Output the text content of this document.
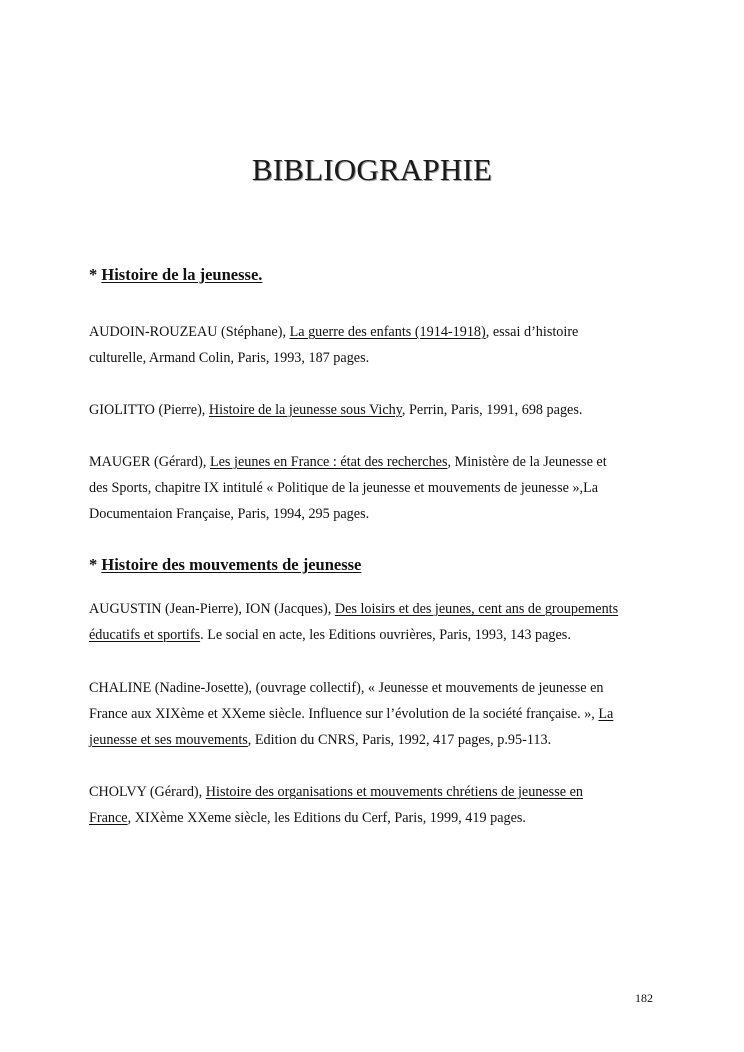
BIBLIOGRAPHIE
* Histoire de la jeunesse.
AUDOIN-ROUZEAU (Stéphane), La guerre des enfants (1914-1918), essai d’histoire
culturelle, Armand Colin, Paris, 1993, 187 pages.
GIOLITTO (Pierre), Histoire de la jeunesse sous Vichy, Perrin, Paris, 1991, 698 pages.
MAUGER (Gérard), Les jeunes en France : état des recherches, Ministère de la Jeunesse et
des Sports, chapitre IX intitulé « Politique de la jeunesse et mouvements de jeunesse »,La
Documentaion Française, Paris, 1994, 295 pages.
* Histoire des mouvements de jeunesse
AUGUSTIN (Jean-Pierre), ION (Jacques), Des loisirs et des jeunes, cent ans de groupements
éducatifs et sportifs. Le social en acte, les Editions ouvrières, Paris, 1993, 143 pages.
CHALINE (Nadine-Josette), (ouvrage collectif), « Jeunesse et mouvements de jeunesse en
France aux XIXème et XXeme siècle. Influence sur l’évolution de la société française. », La
jeunesse et ses mouvements, Edition du CNRS, Paris, 1992, 417 pages, p.95-113.
CHOLVY (Gérard), Histoire des organisations et mouvements chrétiens de jeunesse en
France, XIXème XXeme siècle, les Editions du Cerf, Paris, 1999, 419 pages.
182
